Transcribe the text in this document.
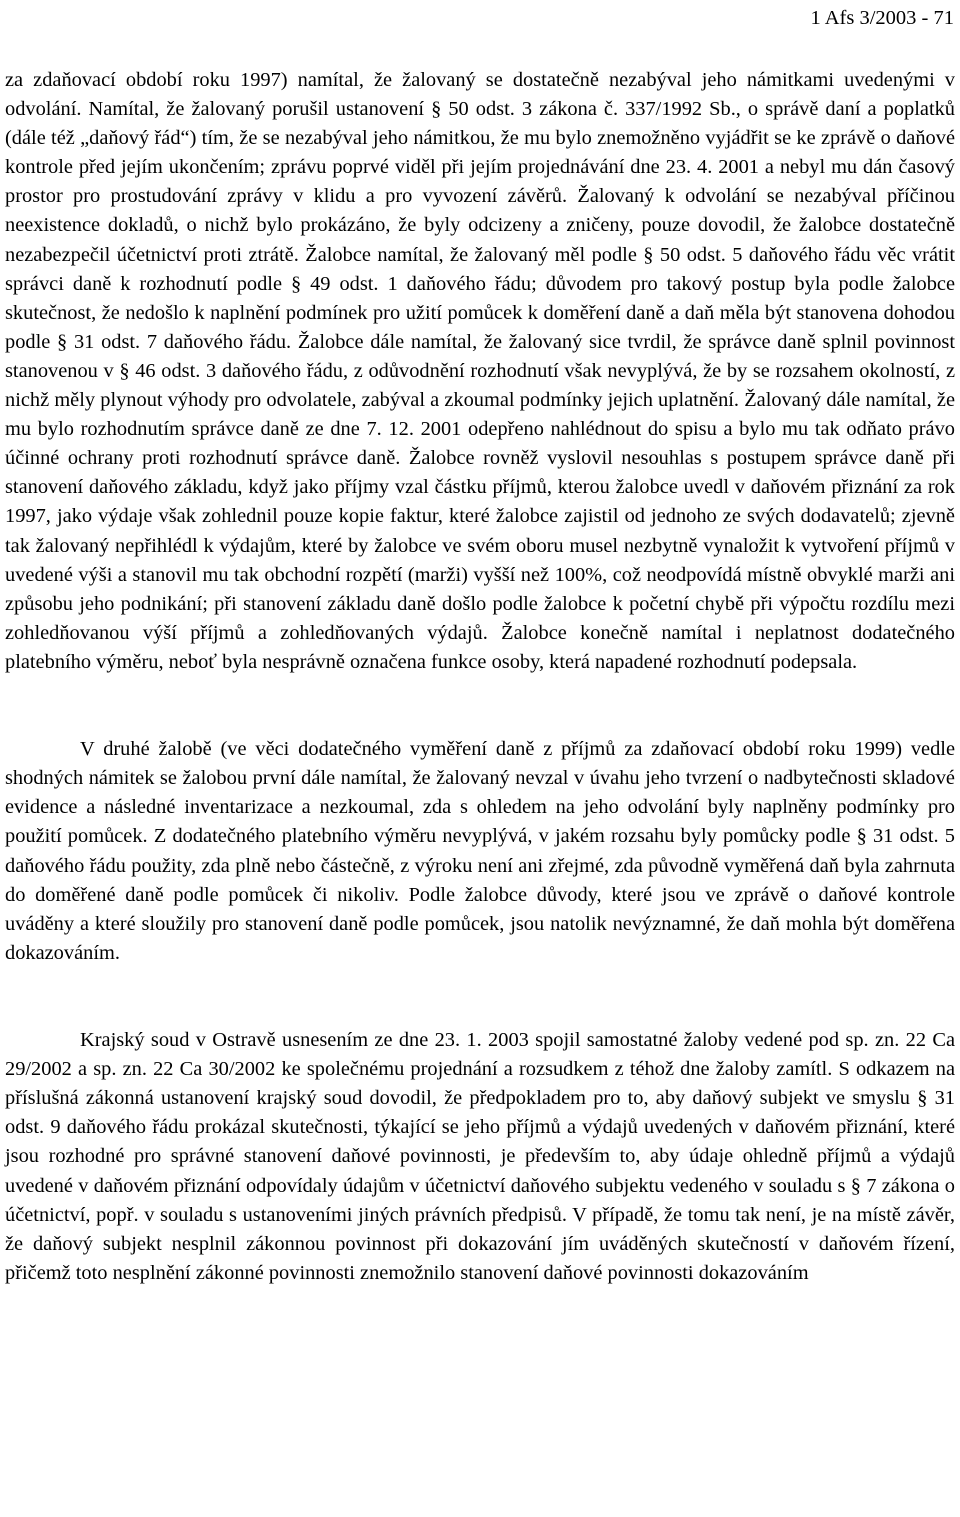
1 Afs 3/2003 - 71

za zdaňovací období roku 1997) namítal, že žalovaný se dostatečně nezabýval jeho námitkami uvedenými v odvolání. Namítal, že žalovaný porušil ustanovení § 50 odst. 3 zákona č. 337/1992 Sb., o správě daní a poplatků (dále též „daňový řád“) tím, že se nezabýval jeho námitkou, že mu bylo znemožněno vyjádřit se ke zprávě o daňové kontrole před jejím ukončením; zprávu poprvé viděl při jejím projednávání dne 23. 4. 2001 a nebyl mu dán časový prostor pro prostudování zprávy v klidu a pro vyvození závěrů. Žalovaný k odvolání se nezabýval příčinou neexistence dokladů, o nichž bylo prokázáno, že byly odcizeny a zničeny, pouze dovodil, že žalobce dostatečně nezabezpečil účetnictví proti ztrátě. Žalobce namítal, že žalovaný měl podle § 50 odst. 5 daňového řádu věc vrátit správci daně k rozhodnutí podle § 49 odst. 1 daňového řádu; důvodem pro takový postup byla podle žalobce skutečnost, že nedošlo k naplnění podmínek pro užití pomůcek k doměření daně a daň měla být stanovena dohodou podle § 31 odst. 7 daňového řádu. Žalobce dále namítal, že žalovaný sice tvrdil, že správce daně splnil povinnost stanovenou v § 46 odst. 3 daňového řádu, z odůvodnění rozhodnutí však nevyplývá, že by se rozsahem okolností, z nichž měly plynout výhody pro odvolatele, zabýval a zkoumal podmínky jejich uplatnění. Žalovaný dále namítal, že mu bylo rozhodnutím správce daně ze dne 7. 12. 2001 odepřeno nahlédnout do spisu a bylo mu tak odňato právo účinné ochrany proti rozhodnutí správce daně. Žalobce rovněž vyslovil nesouhlas s postupem správce daně při stanovení daňového základu, když jako příjmy vzal částku příjmů, kterou žalobce uvedl v daňovém přiznání za rok 1997, jako výdaje však zohlednil pouze kopie faktur, které žalobce zajistil od jednoho ze svých dodavatelů; zjevně tak žalovaný nepřihlédl k výdajům, které by žalobce ve svém oboru musel nezbytně vynaložit k vytvoření příjmů v uvedené výši a stanovil mu tak obchodní rozpětí (marži) vyšší než 100%, což neodpovídá místně obvyklé marži ani způsobu jeho podnikání; při stanovení základu daně došlo podle žalobce k početní chybě při výpočtu rozdílu mezi zohledňovanou výší příjmů a zohledňovaných výdajů. Žalobce konečně namítal i neplatnost dodatečného platebního výměru, neboť byla nesprávně označena funkce osoby, která napadené rozhodnutí podepsala.

V druhé žalobě (ve věci dodatečného vyměření daně z příjmů za zdaňovací období roku 1999) vedle shodných námitek se žalobou první dále namítal, že žalovaný nevzal v úvahu jeho tvrzení o nadbytečnosti skladové evidence a následné inventarizace a nezkoumal, zda s ohledem na jeho odvolání byly naplněny podmínky pro použití pomůcek. Z dodatečného platebního výměru nevyplývá, v jakém rozsahu byly pomůcky podle § 31 odst. 5 daňového řádu použity, zda plně nebo částečně, z výroku není ani zřejmé, zda původně vyměřená daň byla zahrnuta do doměřené daně podle pomůcek či nikoliv. Podle žalobce důvody, které jsou ve zprávě o daňové kontrole uváděny a které sloužily pro stanovení daně podle pomůcek, jsou natolik nevýznamné, že daň mohla být doměřena dokazováním.

Krajský soud v Ostravě usnesením ze dne 23. 1. 2003 spojil samostatné žaloby vedené pod sp. zn. 22 Ca 29/2002 a sp. zn. 22 Ca 30/2002 ke společnému projednání a rozsudkem z téhož dne žaloby zamítl. S odkazem na příslušná zákonná ustanovení krajský soud dovodil, že předpokladem pro to, aby daňový subjekt ve smyslu § 31 odst. 9 daňového řádu prokázal skutečnosti, týkající se jeho příjmů a výdajů uvedených v daňovém přiznání, které jsou rozhodné pro správné stanovení daňové povinnosti, je především to, aby údaje ohledně příjmů a výdajů uvedené v daňovém přiznání odpovídaly údajům v účetnictví daňového subjektu vedeného v souladu s § 7 zákona o účetnictví, popř. v souladu s ustanoveními jiných právních předpisů. V případě, že tomu tak není, je na místě závěr, že daňový subjekt nesplnil zákonnou povinnost při dokazování jím uváděných skutečností v daňovém řízení, přičemž toto nesplnění zákonné povinnosti znemožnilo stanovení daňové povinnosti dokazováním
